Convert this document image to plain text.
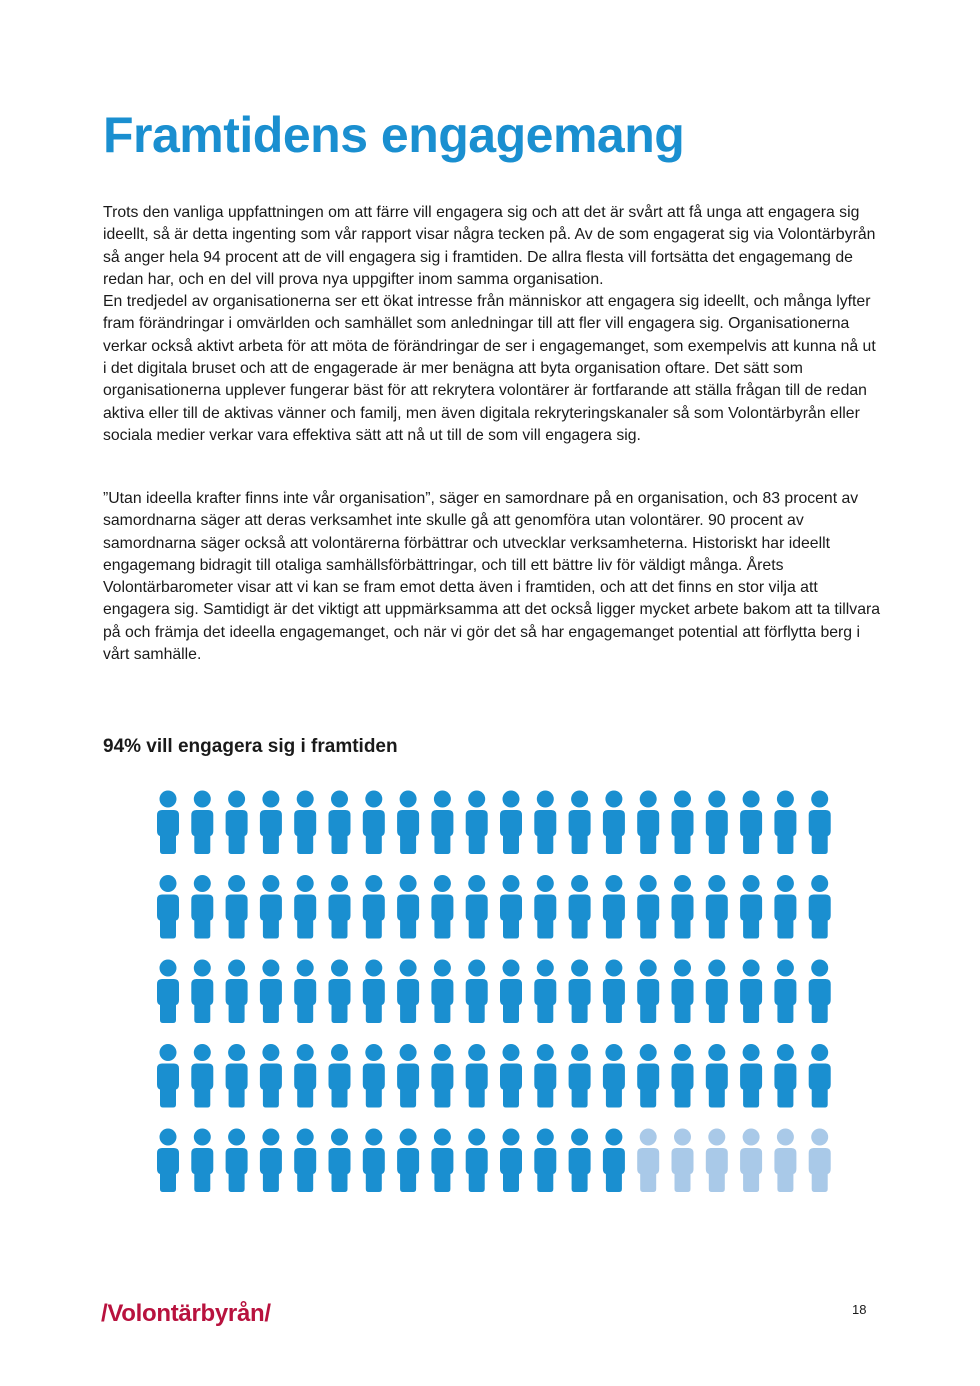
Framtidens engagemang

Trots den vanliga uppfattningen om att färre vill engagera sig och att det är svårt att få unga att engagera sig ideellt, så är detta ingenting som vår rapport visar några tecken på. Av de som engagerat sig via Volontärbyrån så anger hela 94 procent att de vill engagera sig i framtiden. De allra flesta vill fortsätta det engagemang de redan har, och en del vill prova nya uppgifter inom samma organisation.

En tredjedel av organisationerna ser ett ökat intresse från människor att engagera sig ideellt, och många lyfter fram förändringar i omvärlden och samhället som anledningar till att fler vill engagera sig. Organisationerna verkar också aktivt arbeta för att möta de förändringar de ser i engagemanget, som exempelvis att kunna nå ut i det digitala bruset och att de engagerade är mer benägna att byta organisation oftare. Det sätt som organisationerna upplever fungerar bäst för att rekrytera volontärer är fortfarande att ställa frågan till de redan aktiva eller till de aktivas vänner och familj, men även digitala rekryteringskanaler så som Volontärbyrån eller sociala medier verkar vara effektiva sätt att nå ut till de som vill engagera sig.

”Utan ideella krafter finns inte vår organisation”, säger en samordnare på en organisation, och 83 procent av samordnarna säger att deras verksamhet inte skulle gå att genomföra utan volontärer. 90 procent av samordnarna säger också att volontärerna förbättrar och utvecklar verksamheterna. Historiskt har ideellt engagemang bidragit till otaliga samhällsförbättringar, och till ett bättre liv för väldigt många. Årets Volontärbarometer visar att vi kan se fram emot detta även i framtiden, och att det finns en stor vilja att engagera sig. Samtidigt är det viktigt att uppmärksamma att det också ligger mycket arbete bakom att ta tillvara på och främja det ideella engagemanget, och när vi gör det så har engagemanget potential att förflytta berg i vårt samhälle.

94% vill engagera sig i framtiden
/Volontärbyrån/	18
